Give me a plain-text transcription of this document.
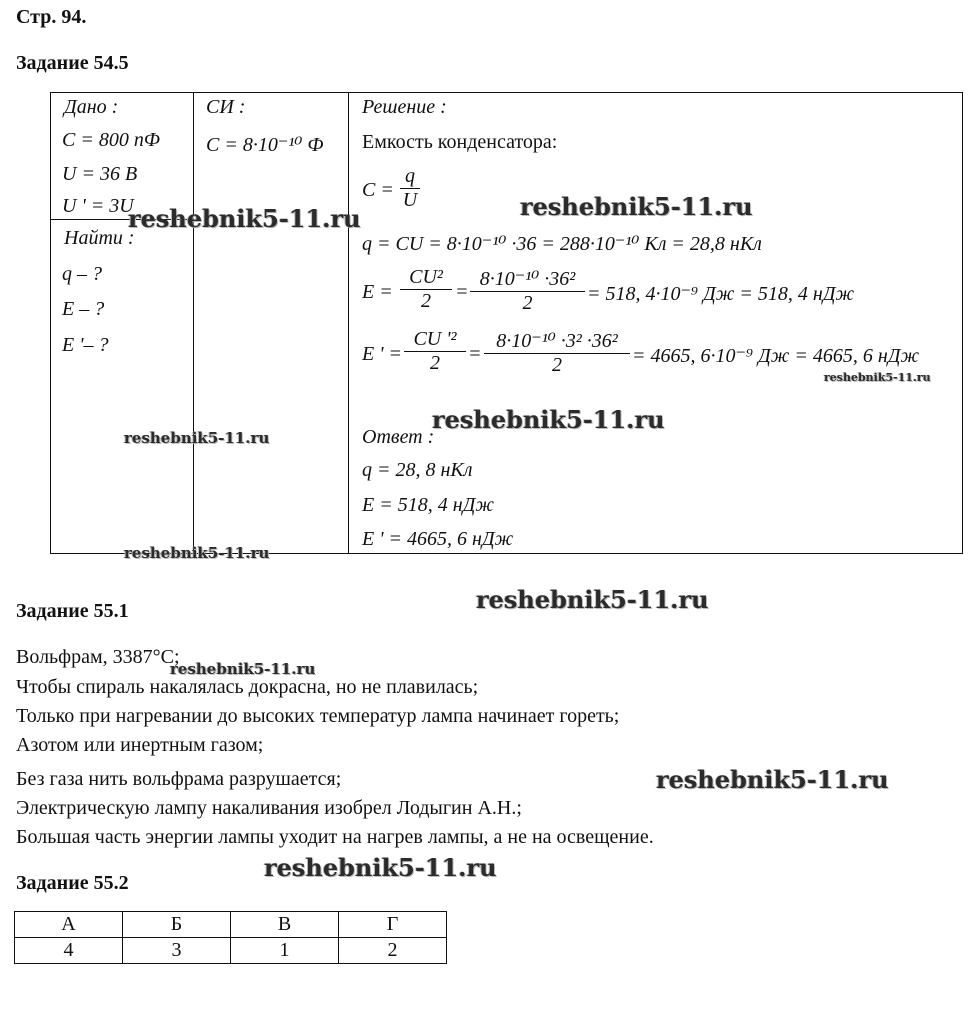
Стр. 94.
Задание 54.5
Дано :
C = 800 пФ
U = 36 В
U ' = 3U
Найти :
q – ?
E – ?
E '– ?
СИ :
C = 8·10⁻¹⁰ Ф
Решение :
Емкость конденсатора:
C =
q
U
q = CU = 8·10⁻¹⁰ ·36 = 288·10⁻¹⁰ Кл = 28,8 нКл
E =
CU²
2	=
8·10⁻¹⁰ ·36²
2	= 518, 4·10⁻⁹ Дж = 518, 4 нДж
E ' =
CU '²
2	=
8·10⁻¹⁰ ·3² ·36²
2	= 4665, 6·10⁻⁹ Дж = 4665, 6 нДж
Ответ :
q = 28, 8 нКл
E = 518, 4 нДж
E ' = 4665, 6 нДж
Задание 55.1
Вольфрам, 3387°С;
Чтобы спираль накалялась докрасна, но не плавилась;
Только при нагревании до высоких температур лампа начинает гореть;
Азотом или инертным газом;
Без газа нить вольфрама разрушается;
Электрическую лампу накаливания изобрел Лодыгин А.Н.;
Большая часть энергии лампы уходит на нагрев лампы, а не на освещение.
Задание 55.2
А	Б	В	Г
4	3	1	2
reshebnik5-11.ru	reshebnik5-11.ru
reshebnik5-11.ru
reshebnik5-11.ru
reshebnik5-11.ru
reshebnik5-11.ru
reshebnik5-11.ru
reshebnik5-11.ru
reshebnik5-11.ru
reshebnik5-11.ru
